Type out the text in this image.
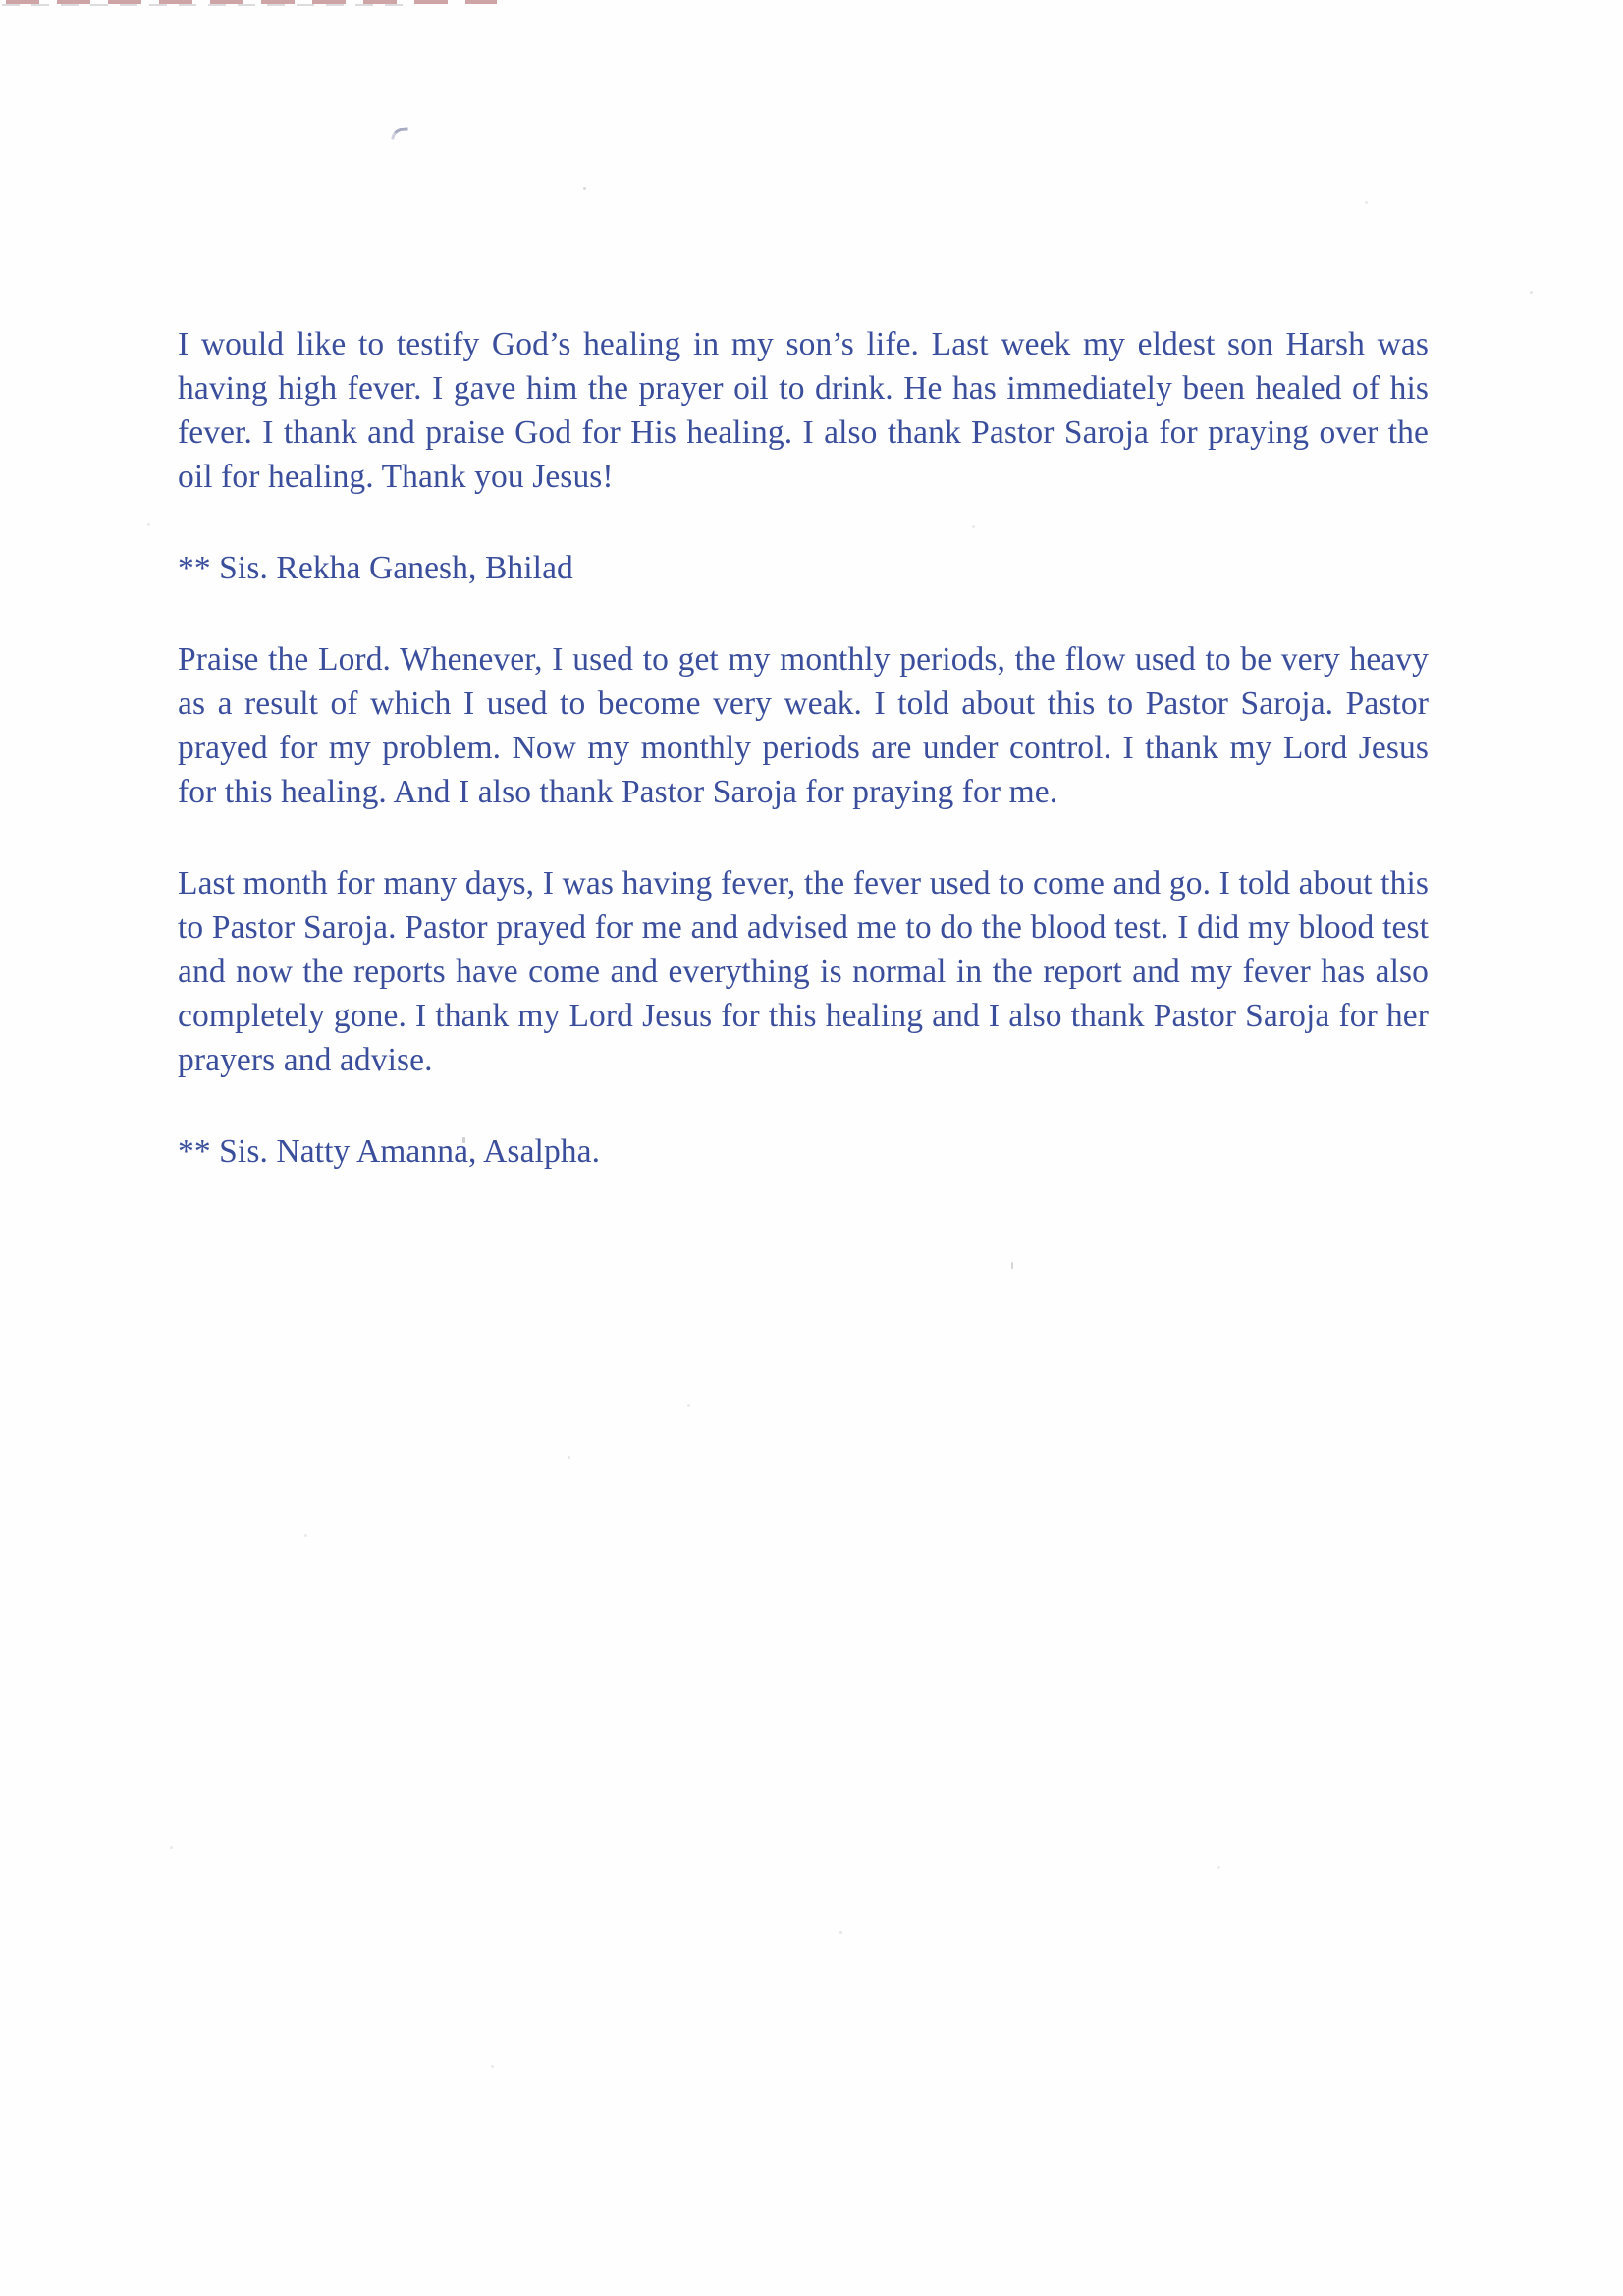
I would like to testify God’s healing in my son’s life. Last week my eldest son Harsh was having high fever. I gave him the prayer oil to drink. He has immediately been healed of his fever. I thank and praise God for His healing. I also thank Pastor Saroja for praying over the oil for healing. Thank you Jesus!

** Sis. Rekha Ganesh, Bhilad

Praise the Lord. Whenever, I used to get my monthly periods, the flow used to be very heavy as a result of which I used to become very weak. I told about this to Pastor Saroja. Pastor prayed for my problem. Now my monthly periods are under control. I thank my Lord Jesus for this healing. And I also thank Pastor Saroja for praying for me.

Last month for many days, I was having fever, the fever used to come and go. I told about this to Pastor Saroja. Pastor prayed for me and advised me to do the blood test. I did my blood test and now the reports have come and everything is normal in the report and my fever has also completely gone. I thank my Lord Jesus for this healing and I also thank Pastor Saroja for her prayers and advise.

** Sis. Natty Amanna, Asalpha.
